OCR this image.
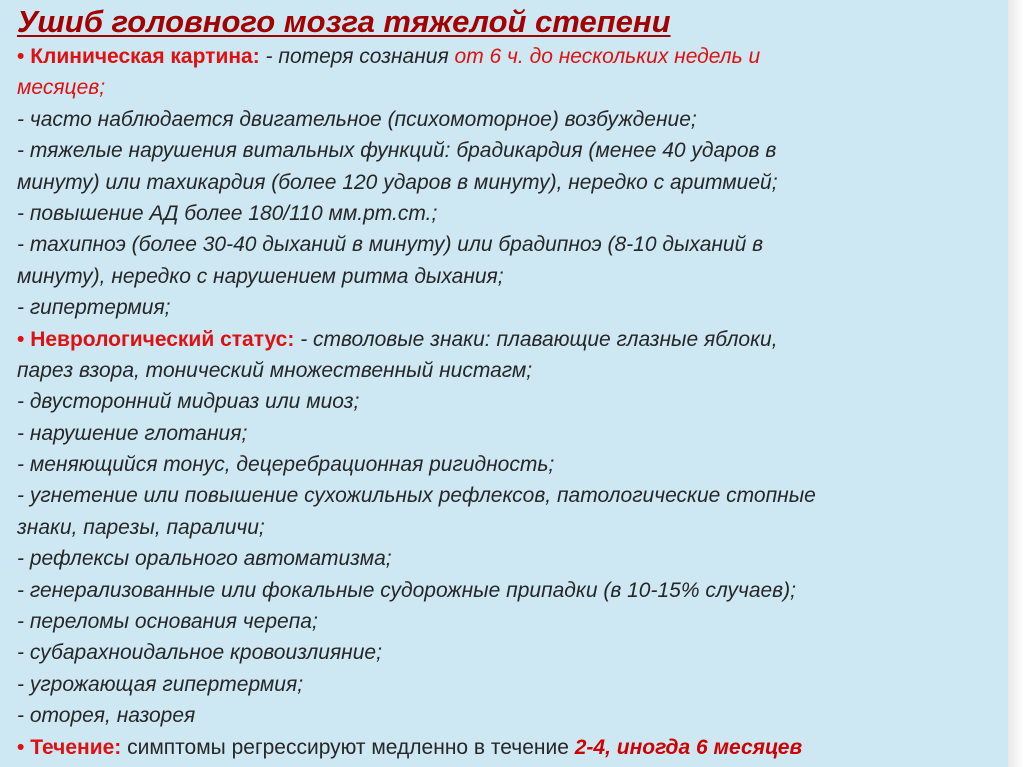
Ушиб головного мозга тяжелой степени
• Клиническая картина: - потеря сознания от 6 ч. до нескольких недель и
месяцев;
- часто наблюдается двигательное (психомоторное) возбуждение;
- тяжелые нарушения витальных функций: брадикардия (менее 40 ударов в
минуту) или тахикардия (более 120 ударов в минуту), нередко с аритмией;
- повышение АД более 180/110 мм.рт.ст.;
- тахипноэ (более 30-40 дыханий в минуту) или брадипноэ (8-10 дыханий в
минуту), нередко с нарушением ритма дыхания;
- гипертермия;
• Неврологический статус: - стволовые знаки: плавающие глазные яблоки,
парез взора, тонический множественный нистагм;
- двусторонний мидриаз или миоз;
- нарушение глотания;
- меняющийся тонус, децеребрационная ригидность;
- угнетение или повышение сухожильных рефлексов, патологические стопные
знаки, парезы, параличи;
- рефлексы орального автоматизма;
- генерализованные или фокальные судорожные припадки (в 10-15% случаев);
- переломы основания черепа;
- субарахноидальное кровоизлияние;
- угрожающая гипертермия;
- оторея, назорея
• Течение: симптомы регрессируют медленно в течение 2-4, иногда 6 месяцев
